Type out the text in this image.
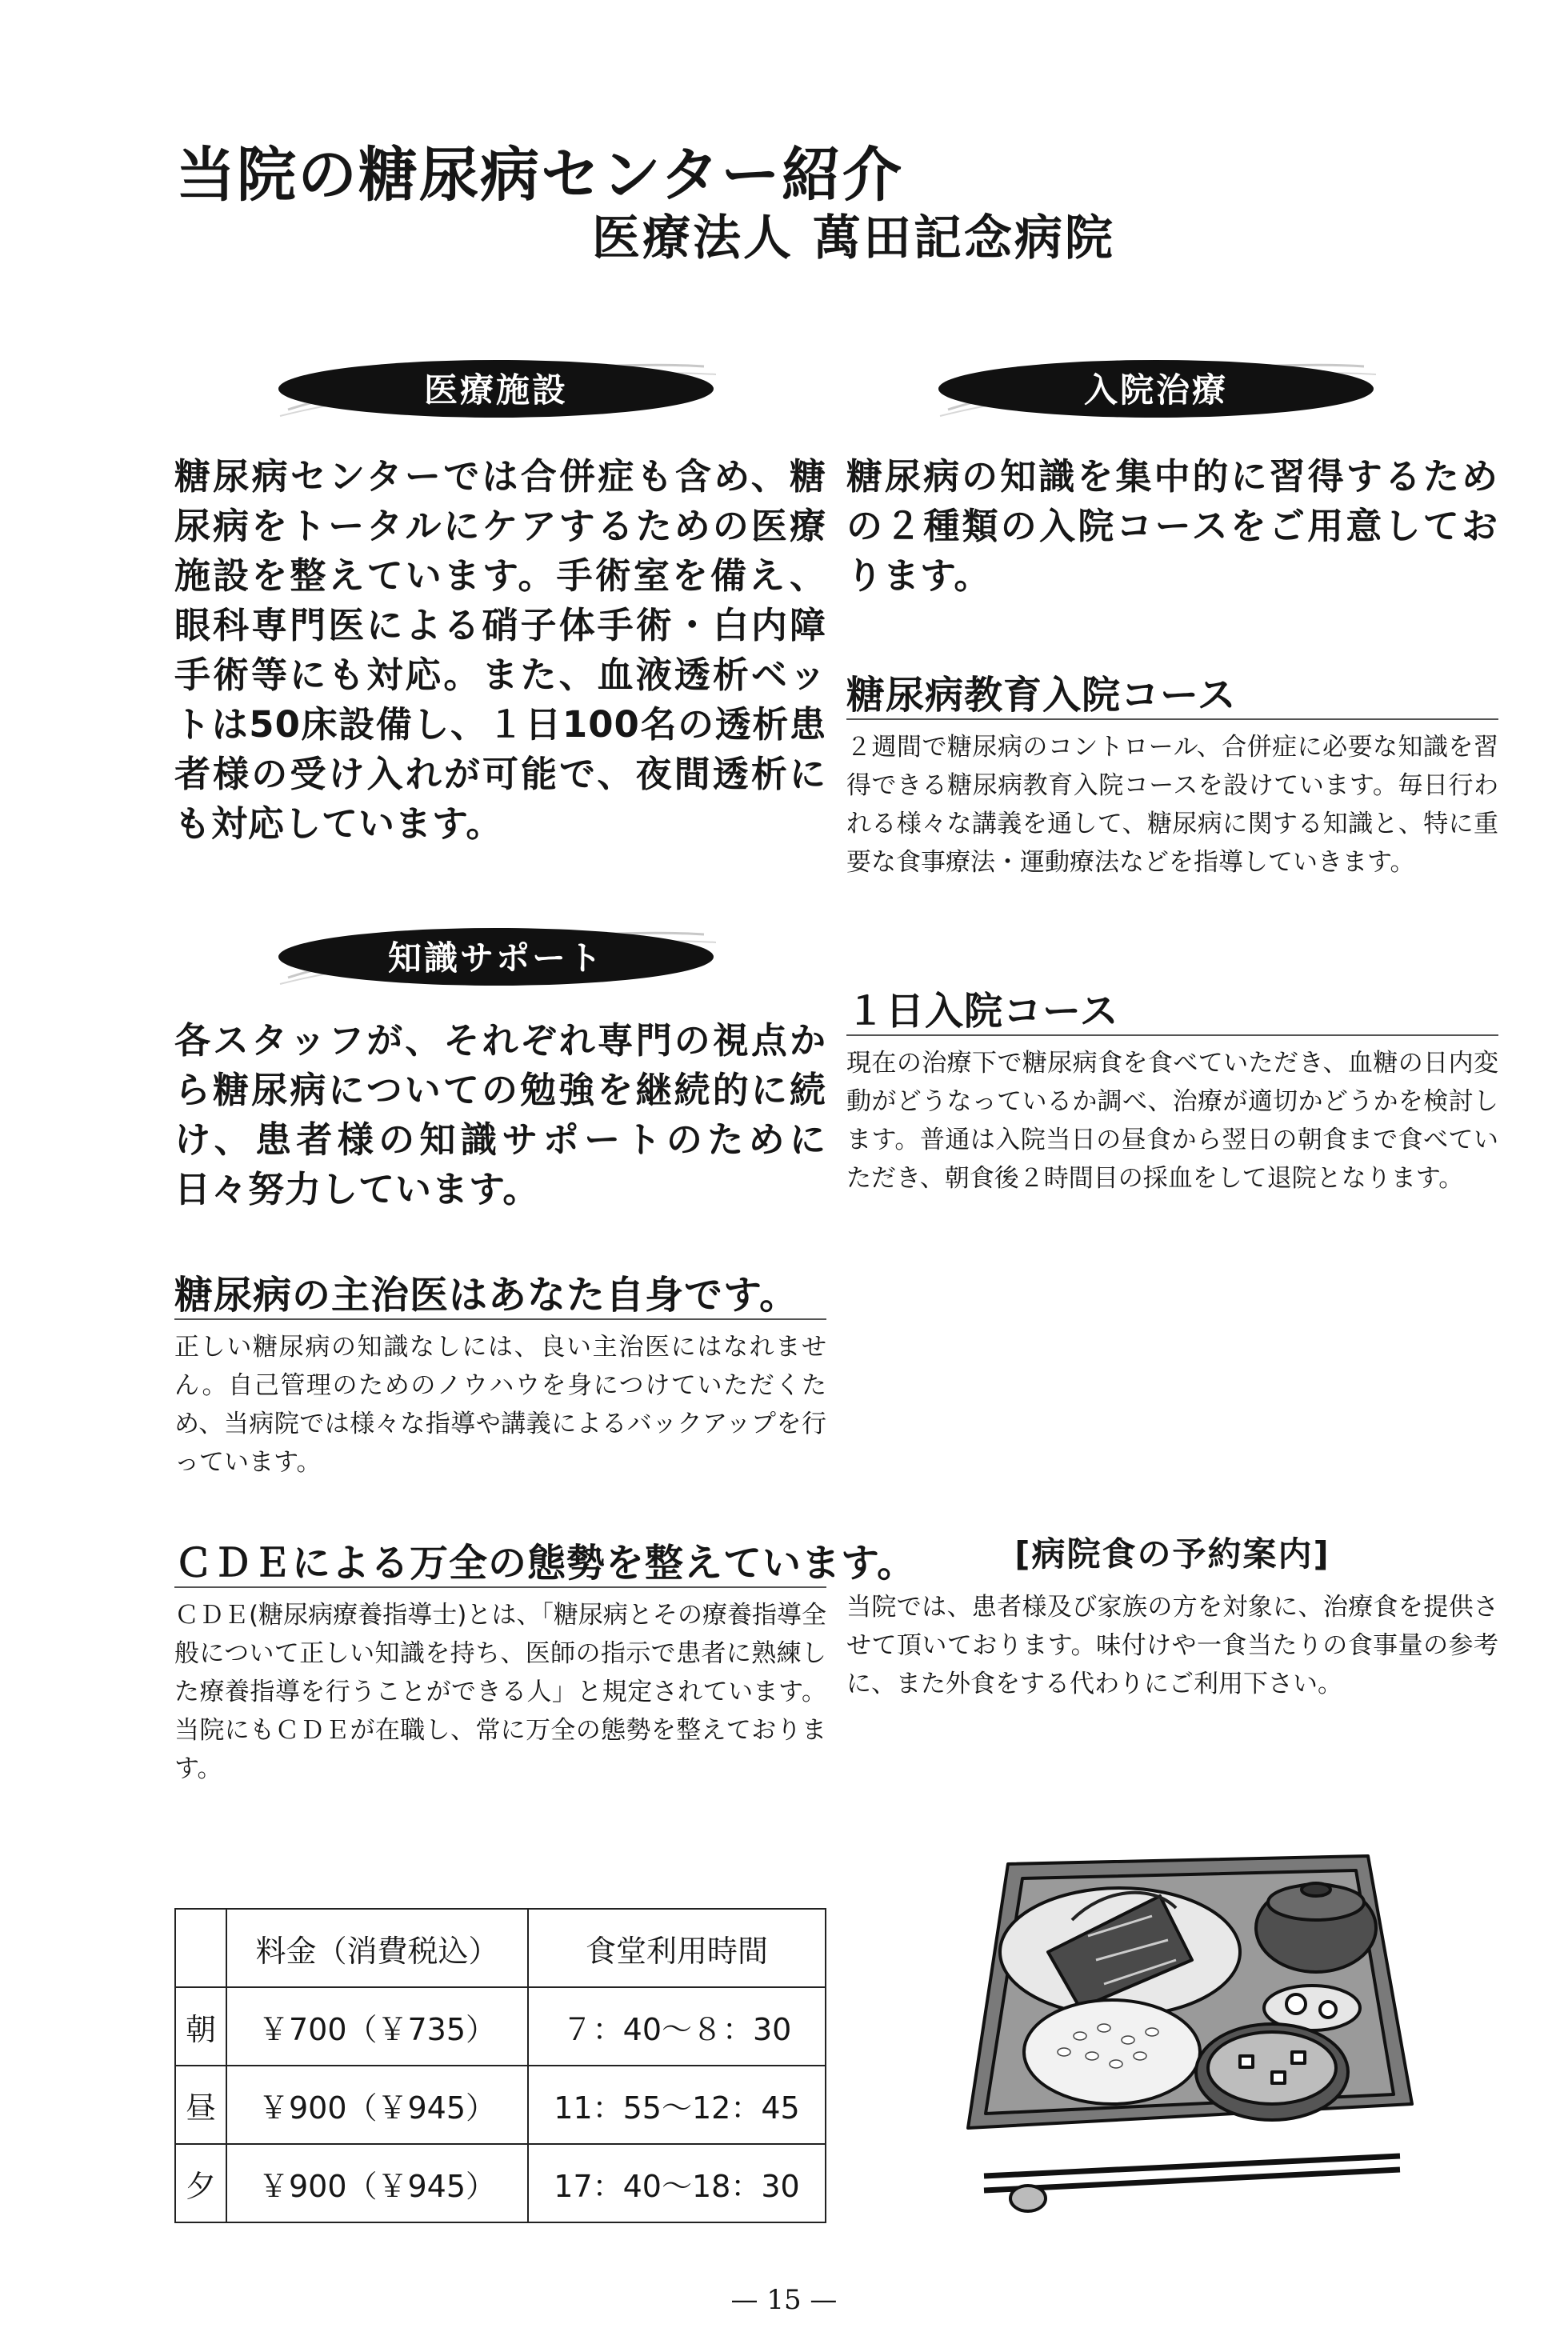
当院の糖尿病センター紹介
医療法人 萬田記念病院
医療施設	入院治療
糖尿病センターでは合併症も含め、糖尿病をトータルにケアするための医療施設を整えています。手術室を備え、眼科専門医による硝子体手術・白内障手術等にも対応。また、血液透析ベットは50床設備し、１日100名の透析患者様の受け入れが可能で、夜間透析にも対応しています。
知識サポート
各スタッフが、それぞれ専門の視点から糖尿病についての勉強を継続的に続け、患者様の知識サポートのために日々努力しています。
糖尿病の主治医はあなた自身です。
正しい糖尿病の知識なしには、良い主治医にはなれません。自己管理のためのノウハウを身につけていただくため、当病院では様々な指導や講義によるバックアップを行っています。
ＣＤＥによる万全の態勢を整えています。
ＣＤＥ(糖尿病療養指導士)とは、「糖尿病とその療養指導全般について正しい知識を持ち、医師の指示で患者に熟練した療養指導を行うことができる人」と規定されています。当院にもＣＤＥが在職し、常に万全の態勢を整えております。
糖尿病の知識を集中的に習得するための２種類の入院コースをご用意しております。
糖尿病教育入院コース
２週間で糖尿病のコントロール、合併症に必要な知識を習得できる糖尿病教育入院コースを設けています。毎日行われる様々な講義を通して、糖尿病に関する知識と、特に重要な食事療法・運動療法などを指導していきます。
１日入院コース
現在の治療下で糖尿病食を食べていただき、血糖の日内変動がどうなっているか調べ、治療が適切かどうかを検討します。普通は入院当日の昼食から翌日の朝食まで食べていただき、朝食後２時間目の採血をして退院となります。
[病院食の予約案内]
当院では、患者様及び家族の方を対象に、治療食を提供させて頂いております。味付けや一食当たりの食事量の参考に、また外食をする代わりにご利用下さい。
	料金（消費税込）	食堂利用時間
朝	￥700（￥735）	７：40～８：30
昼	￥900（￥945）	11：55～12：45
夕	￥900（￥945）	17：40～18：30
— 15 —
